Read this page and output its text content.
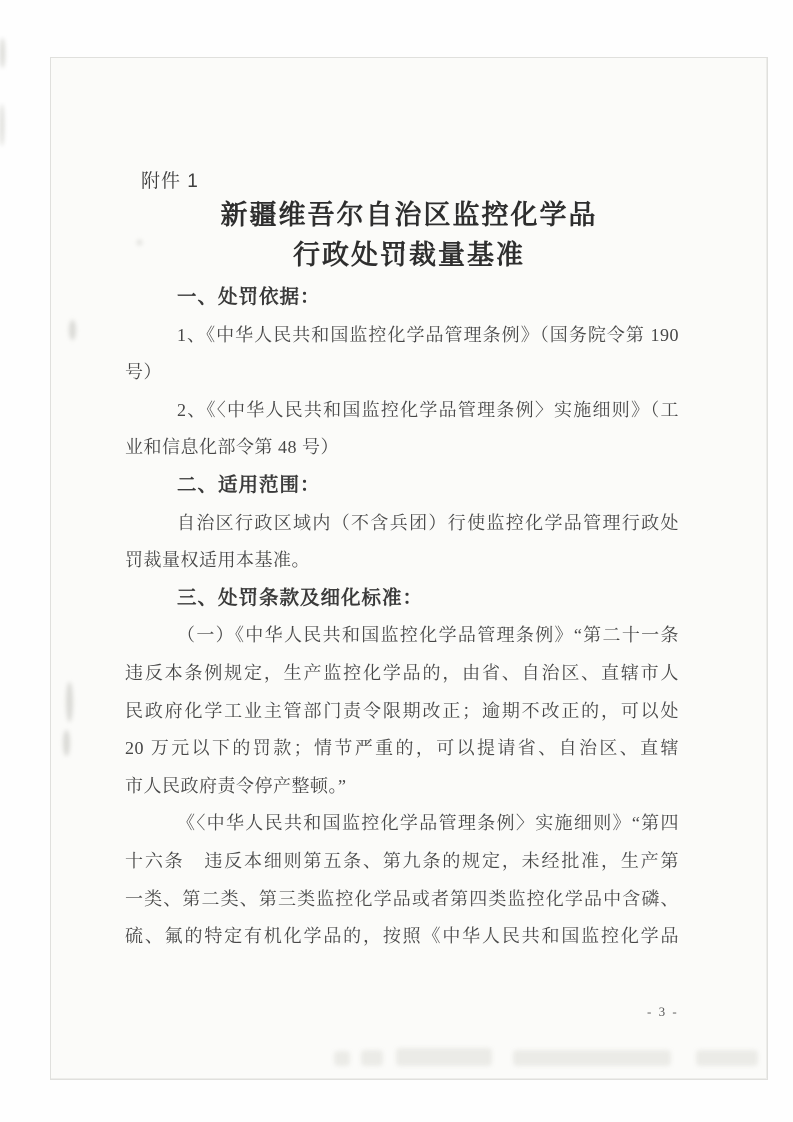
附件 1
新疆维吾尔自治区监控化学品
行政处罚裁量基准
一、处罚依据：
1、《中华人民共和国监控化学品管理条例》（国务院令第 190
号）
2、《〈中华人民共和国监控化学品管理条例〉实施细则》（工
业和信息化部令第 48 号）
二、适用范围：
自治区行政区域内（不含兵团）行使监控化学品管理行政处
罚裁量权适用本基准。
三、处罚条款及细化标准：
（一）《中华人民共和国监控化学品管理条例》“第二十一条
违反本条例规定，生产监控化学品的，由省、自治区、直辖市人
民政府化学工业主管部门责令限期改正；逾期不改正的，可以处
20 万元以下的罚款；情节严重的，可以提请省、自治区、直辖
市人民政府责令停产整顿。”
《〈中华人民共和国监控化学品管理条例〉实施细则》“第四
十六条　违反本细则第五条、第九条的规定，未经批准，生产第
一类、第二类、第三类监控化学品或者第四类监控化学品中含磷、
硫、氟的特定有机化学品的，按照《中华人民共和国监控化学品
- 3 -
